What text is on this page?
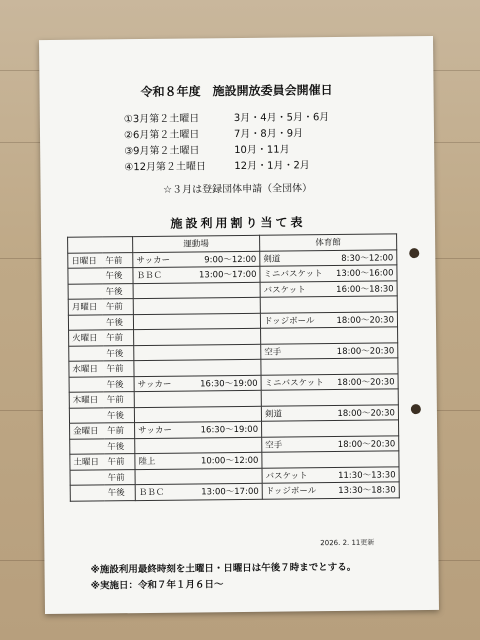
令和８年度　施設開放委員会開催日
①3月第２土曜日	3月・4月・5月・6月
②6月第２土曜日	7月・8月・9月
③9月第２土曜日	10月・11月
④12月第２土曜日	12月・1月・2月
☆３月は登録団体申請（全団体）
施設利用割り当て表
		運動場	体育館
日曜日	午前	サッカー 9:00～12:00	剣道 8:30～12:00

	午後	ＢＢＣ 13:00～17:00	ミニバスケット 13:00～16:00

	午後		バスケット 16:00～18:30

月曜日	午前	

	午後		ドッジボール 18:00～20:30

火曜日	午前	

	午後		空手 18:00～20:30

水曜日	午前	

	午後	サッカー 16:30～19:00	ミニバスケット 18:00～20:30

木曜日	午前	

	午後		剣道 18:00～20:30

金曜日	午前	サッカー 16:30～19:00	

	午後		空手 18:00～20:30

土曜日	午前	陸上 10:00～12:00	

	午前		バスケット 11:30～13:30

	午後	ＢＢＣ 13:00～17:00	ドッジボール 13:30～18:30
2026. 2. 11更新
※施設利用最終時刻を土曜日・日曜日は午後７時までとする。
※実施日：令和７年１月６日～
